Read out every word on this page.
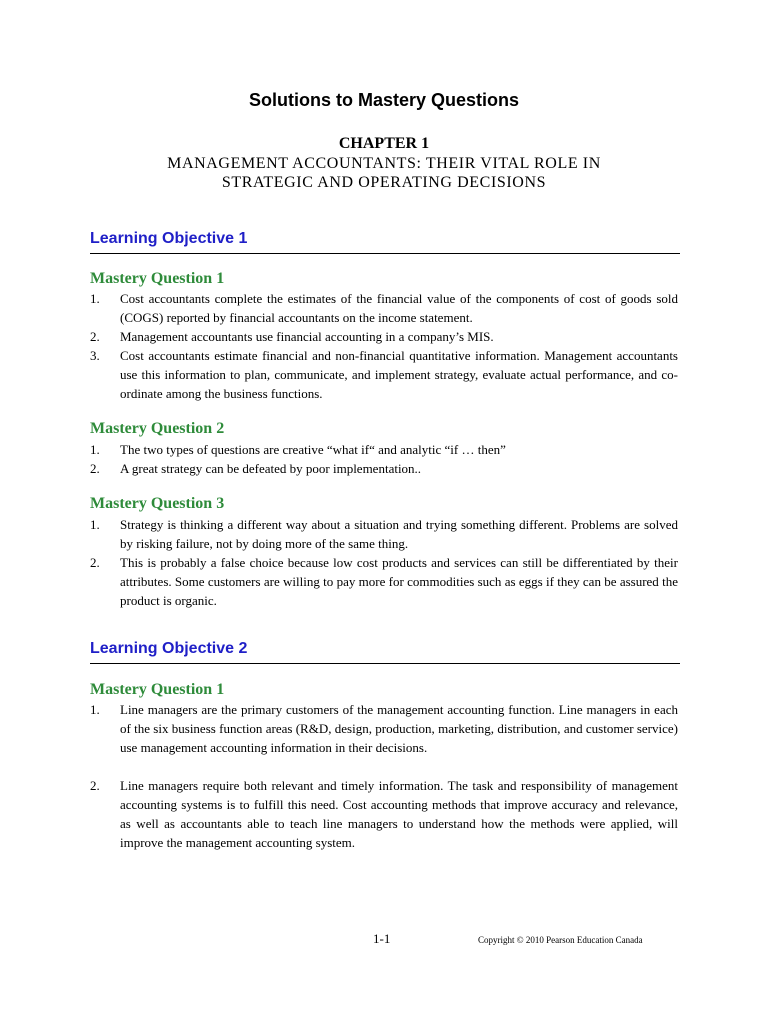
Solutions to Mastery Questions
CHAPTER 1
MANAGEMENT ACCOUNTANTS: THEIR VITAL ROLE IN
STRATEGIC AND OPERATING DECISIONS
Learning Objective 1
Mastery Question 1
1. Cost accountants complete the estimates of the financial value of the components of cost of goods sold (COGS) reported by financial accountants on the income statement.
2. Management accountants use financial accounting in a company’s MIS.
3. Cost accountants estimate financial and non-financial quantitative information. Management accountants use this information to plan, communicate, and implement strategy, evaluate actual performance, and co-ordinate among the business functions.
Mastery Question 2
1. The two types of questions are creative “what if“ and analytic “if … then”
2. A great strategy can be defeated by poor implementation..
Mastery Question 3
1. Strategy is thinking a different way about a situation and trying something different. Problems are solved by risking failure, not by doing more of the same thing.
2. This is probably a false choice because low cost products and services can still be differentiated by their attributes. Some customers are willing to pay more for commodities such as eggs if they can be assured the product is organic.
Learning Objective 2
Mastery Question 1
1. Line managers are the primary customers of the management accounting function. Line managers in each of the six business function areas (R&D, design, production, marketing, distribution, and customer service) use management accounting information in their decisions.
2. Line managers require both relevant and timely information. The task and responsibility of management accounting systems is to fulfill this need. Cost accounting methods that improve accuracy and relevance, as well as accountants able to teach line managers to understand how the methods were applied, will improve the management accounting system.
1-1	Copyright © 2010 Pearson Education Canada
